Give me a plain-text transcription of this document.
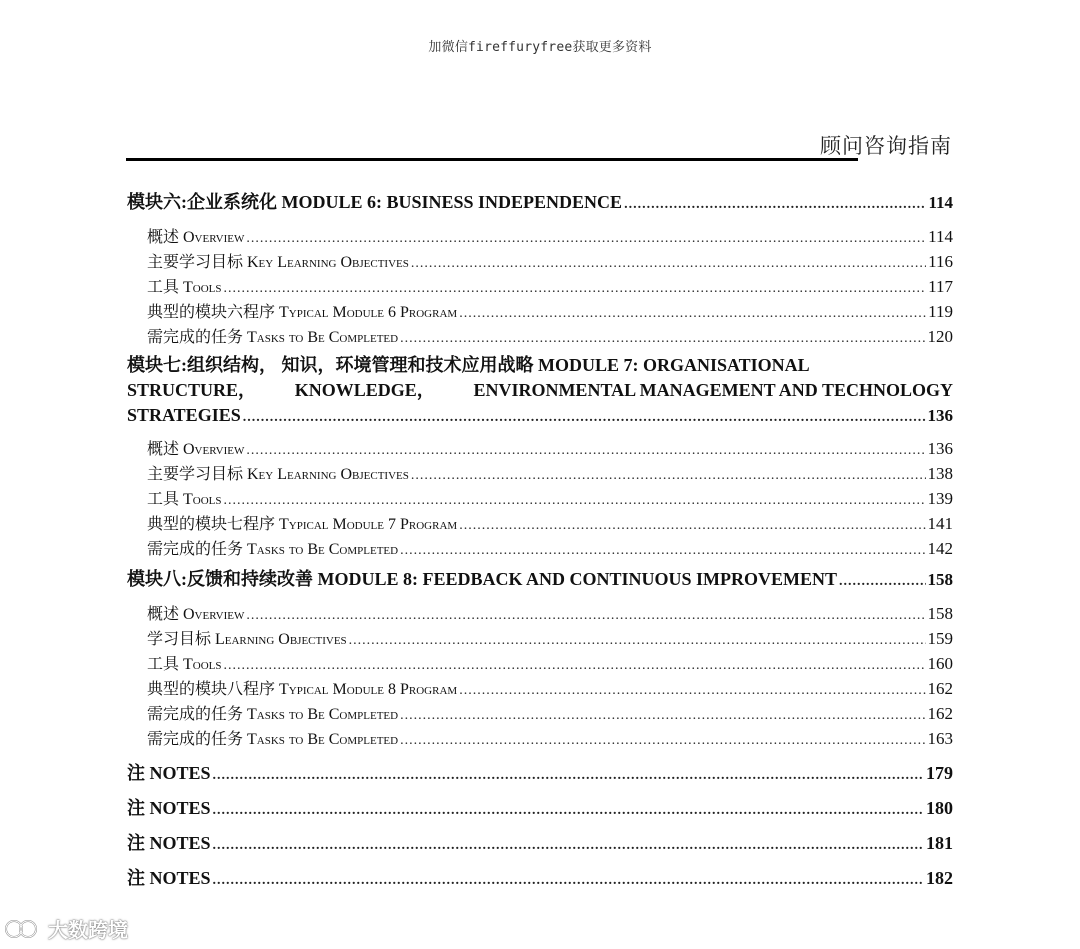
加微信fireffuryfree获取更多资料
顾问咨询指南
模块六:企业系统化 MODULE 6: BUSINESS INDEPENDENCE .....	114
概述 Overview .....	114
主要学习目标 Key Learning Objectives .....	116
工具 Tools .....	117
典型的模块六程序 Typical Module 6 Program .....	119
需完成的任务 Tasks to Be Completed .....	120
模块七:组织结构， 知识，环境管理和技术应用战略 MODULE 7: ORGANISATIONAL
STRUCTURE， KNOWLEDGE， ENVIRONMENTAL MANAGEMENT AND TECHNOLOGY
STRATEGIES .....	136
概述 Overview .....	136
主要学习目标 Key Learning Objectives .....	138
工具 Tools .....	139
典型的模块七程序 Typical Module 7 Program .....	141
需完成的任务 Tasks to Be Completed .....	142
模块八:反馈和持续改善 MODULE 8: FEEDBACK AND CONTINUOUS IMPROVEMENT .....	158
概述 Overview .....	158
学习目标 Learning Objectives .....	159
工具 Tools .....	160
典型的模块八程序 Typical Module 8 Program .....	162
需完成的任务 Tasks to Be Completed .....	162
需完成的任务 Tasks to Be Completed .....	163
注 NOTES .....	179
注 NOTES .....	180
注 NOTES .....	181
注 NOTES .....	182
大数跨境
